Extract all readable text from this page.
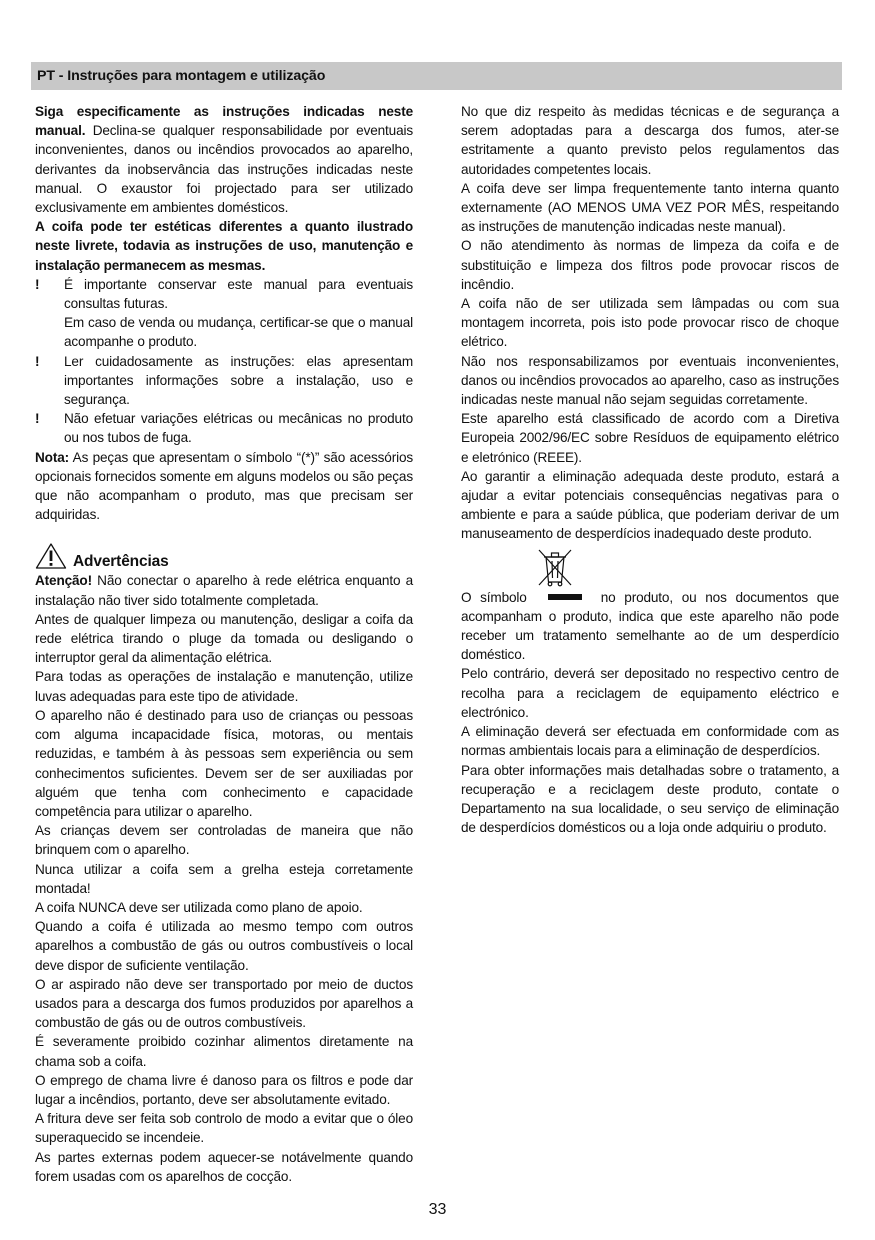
PT - Instruções para montagem e utilização

Siga especificamente as instruções indicadas neste manual. Declina-se qualquer responsabilidade por eventuais inconvenientes, danos ou incêndios provocados ao aparelho, derivantes da inobservância das instruções indicadas neste manual. O exaustor foi projectado para ser utilizado exclusivamente em ambientes domésticos.

A coifa pode ter estéticas diferentes a quanto ilustrado neste livrete, todavia as instruções de uso, manutenção e instalação permanecem as mesmas.

! É importante conservar este manual para eventuais consultas futuras.

Em caso de venda ou mudança, certificar-se que o manual acompanhe o produto.

! Ler cuidadosamente as instruções: elas apresentam importantes informações sobre a instalação, uso e segurança.

! Não efetuar variações elétricas ou mecânicas no produto ou nos tubos de fuga.

Nota: As peças que apresentam o símbolo “(*)” são acessórios opcionais fornecidos somente em alguns modelos ou são peças que não acompanham o produto, mas que precisam ser adquiridas.

Advertências

Atenção! Não conectar o aparelho à rede elétrica enquanto a instalação não tiver sido totalmente completada.

Antes de qualquer limpeza ou manutenção, desligar a coifa da rede elétrica tirando o pluge da tomada ou desligando o interruptor geral da alimentação elétrica.

Para todas as operações de instalação e manutenção, utilize luvas adequadas para este tipo de atividade.

O aparelho não é destinado para uso de crianças ou pessoas com alguma incapacidade física, motoras, ou mentais reduzidas, e também à às pessoas sem experiência ou sem conhecimentos suficientes. Devem ser de ser auxiliadas por alguém que tenha com conhecimento e capacidade competência para utilizar o aparelho.

As crianças devem ser controladas de maneira que não brinquem com o aparelho.

Nunca utilizar a coifa sem a grelha esteja corretamente montada!

A coifa NUNCA deve ser utilizada como plano de apoio.

Quando a coifa é utilizada ao mesmo tempo com outros aparelhos a combustão de gás ou outros combustíveis o local deve dispor de suficiente ventilação.

O ar aspirado não deve ser transportado por meio de ductos usados para a descarga dos fumos produzidos por aparelhos a combustão de gás ou de outros combustíveis.

É severamente proibido cozinhar alimentos diretamente na chama sob a coifa.

O emprego de chama livre é danoso para os filtros e pode dar lugar a incêndios, portanto, deve ser absolutamente evitado.

A fritura deve ser feita sob controlo de modo a evitar que o óleo superaquecido se incendeie.

As partes externas podem aquecer-se notávelmente quando forem usadas com os aparelhos de cocção.

No que diz respeito às medidas técnicas e de segurança a serem adoptadas para a descarga dos fumos, ater-se estritamente a quanto previsto pelos regulamentos das autoridades competentes locais.

A coifa deve ser limpa frequentemente tanto interna quanto externamente (AO MENOS UMA VEZ POR MÊS, respeitando as instruções de manutenção indicadas neste manual).

O não atendimento às normas de limpeza da coifa e de substituição e limpeza dos filtros pode provocar riscos de incêndio.

A coifa não de ser utilizada sem lâmpadas ou com sua montagem incorreta, pois isto pode provocar risco de choque elétrico.

Não nos responsabilizamos por eventuais inconvenientes, danos ou incêndios provocados ao aparelho, caso as instruções indicadas neste manual não sejam seguidas corretamente.

Este aparelho está classificado de acordo com a Diretiva Europeia 2002/96/EC sobre Resíduos de equipamento elétrico e eletrónico (REEE).

Ao garantir a eliminação adequada deste produto, estará a ajudar a evitar potenciais consequências negativas para o ambiente e para a saúde pública, que poderiam derivar de um manuseamento de desperdícios inadequado deste produto.

O símbolo	no produto, ou nos documentos que acompanham o produto, indica que este aparelho não pode receber um tratamento semelhante ao de um desperdício doméstico.

Pelo contrário, deverá ser depositado no respectivo centro de recolha para a reciclagem de equipamento eléctrico e electrónico.

A eliminação deverá ser efectuada em conformidade com as normas ambientais locais para a eliminação de desperdícios.

Para obter informações mais detalhadas sobre o tratamento, a recuperação e a reciclagem deste produto, contate o Departamento na sua localidade, o seu serviço de eliminação de desperdícios domésticos ou a loja onde adquiriu o produto.

33
